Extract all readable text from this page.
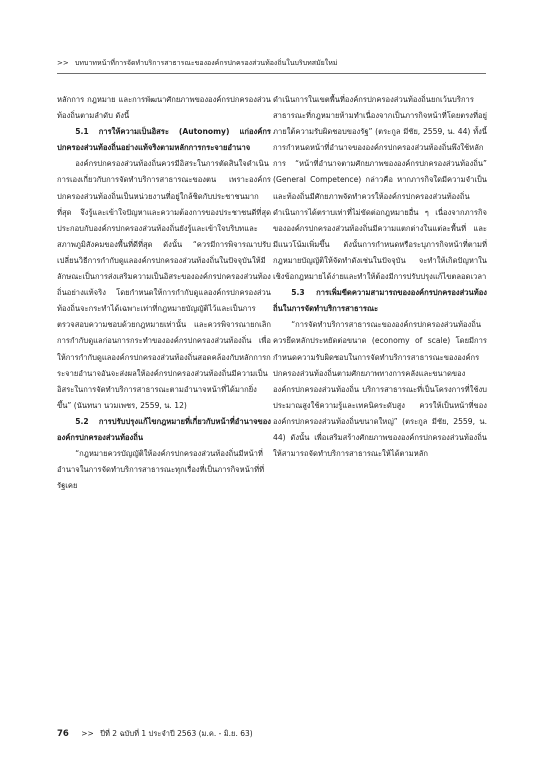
>> บทบาทหน้าที่การจัดทำบริการสาธารณะขององค์กรปกครองส่วนท้องถิ่นในบริบทสมัยใหม่

หลักการ กฎหมาย และการพัฒนาศักยภาพขององค์กรปกครองส่วนท้องถิ่นตามลำดับ ดังนี้

5.1 การให้ความเป็นอิสระ (Autonomy) แก่องค์กรปกครองส่วนท้องถิ่นอย่างแท้จริงตามหลักการกระจายอำนาจ

องค์กรปกครองส่วนท้องถิ่นควรมีอิสระในการตัดสินใจดำเนินการเองเกี่ยวกับการจัดทำบริการสาธารณะของตน เพราะองค์กรปกครองส่วนท้องถิ่นเป็นหน่วยงานที่อยู่ใกล้ชิดกับประชาชนมากที่สุด จึงรู้และเข้าใจปัญหาและความต้องการของประชาชนดีที่สุด ประกอบกับองค์กรปกครองส่วนท้องถิ่นยังรู้และเข้าใจบริบทและสภาพภูมิสังคมของพื้นที่ดีที่สุด ดังนั้น “ควรมีการพิจารณาปรับเปลี่ยนวิธีการกำกับดูแลองค์กรปกครองส่วนท้องถิ่นในปัจจุบันให้มีลักษณะเป็นการส่งเสริมความเป็นอิสระขององค์กรปกครองส่วนท้องถิ่นอย่างแท้จริง โดยกำหนดให้การกำกับดูแลองค์กรปกครองส่วนท้องถิ่นจะกระทำได้เฉพาะเท่าที่กฎหมายบัญญัติไว้และเป็นการตรวจสอบความชอบด้วยกฎหมายเท่านั้น และควรพิจารณายกเลิกการกำกับดูแลก่อนการกระทำขององค์กรปกครองส่วนท้องถิ่น เพื่อให้การกำกับดูแลองค์กรปกครองส่วนท้องถิ่นสอดคล้องกับหลักการกระจายอำนาจอันจะส่งผลให้องค์กรปกครองส่วนท้องถิ่นมีความเป็นอิสระในการจัดทำบริการสาธารณะตามอำนาจหน้าที่ได้มากยิ่งขึ้น” (นันทนา นวมเพชร, 2559, น. 12)

5.2 การปรับปรุงแก้ไขกฎหมายที่เกี่ยวกับหน้าที่อำนาจขององค์กรปกครองส่วนท้องถิ่น

“กฎหมายควรบัญญัติให้องค์กรปกครองส่วนท้องถิ่นมีหน้าที่อำนาจในการจัดทำบริการสาธารณะทุกเรื่องที่เป็นภารกิจหน้าที่ที่รัฐเคย

ดำเนินการในเขตพื้นที่องค์กรปกครองส่วนท้องถิ่นยกเว้นบริการสาธารณะที่กฎหมายห้ามทำเนื่องจากเป็นภารกิจหน้าที่โดยตรงที่อยู่ภายใต้ความรับผิดชอบของรัฐ” (ตระกูล มีชัย, 2559, น. 44) ทั้งนี้ การกำหนดหน้าที่อำนาจขององค์กรปกครองส่วนท้องถิ่นพึงใช้หลักการ “หน้าที่อำนาจตามศักยภาพขององค์กรปกครองส่วนท้องถิ่น” (General Competence) กล่าวคือ หากภารกิจใดมีความจำเป็นและท้องถิ่นมีศักยภาพจัดทำควรให้องค์กรปกครองส่วนท้องถิ่นดำเนินการได้ตราบเท่าที่ไม่ขัดต่อกฎหมายอื่น ๆ เนื่องจากภารกิจขององค์กรปกครองส่วนท้องถิ่นมีความแตกต่างในแต่ละพื้นที่ และมีแนวโน้มเพิ่มขึ้น ดังนั้นการกำหนดหรือระบุภารกิจหน้าที่ตามที่กฎหมายบัญญัติให้จัดทำดังเช่นในปัจจุบัน จะทำให้เกิดปัญหาในเชิงข้อกฎหมายได้ง่ายและทำให้ต้องมีการปรับปรุงแก้ไขตลอดเวลา

5.3 การเพิ่มขีดความสามารถขององค์กรปกครองส่วนท้องถิ่นในการจัดทำบริการสาธารณะ

“การจัดทำบริการสาธารณะขององค์กรปกครองส่วนท้องถิ่นควรยึดหลักประหยัดต่อขนาด (economy of scale) โดยมีการกำหนดความรับผิดชอบในการจัดทำบริการสาธารณะขององค์กรปกครองส่วนท้องถิ่นตามศักยภาพทางการคลังและขนาดขององค์กรปกครองส่วนท้องถิ่น บริการสาธารณะที่เป็นโครงการที่ใช้งบประมาณสูงใช้ความรู้และเทคนิคระดับสูง ควรให้เป็นหน้าที่ขององค์กรปกครองส่วนท้องถิ่นขนาดใหญ่” (ตระกูล มีชัย, 2559, น. 44) ดังนั้น เพื่อเสริมสร้างศักยภาพขององค์กรปกครองส่วนท้องถิ่นให้สามารถจัดทำบริการสาธารณะให้ได้ตามหลัก

76 >> ปีที่ 2 ฉบับที่ 1 ประจำปี 2563 (ม.ค. - มิ.ย. 63)
